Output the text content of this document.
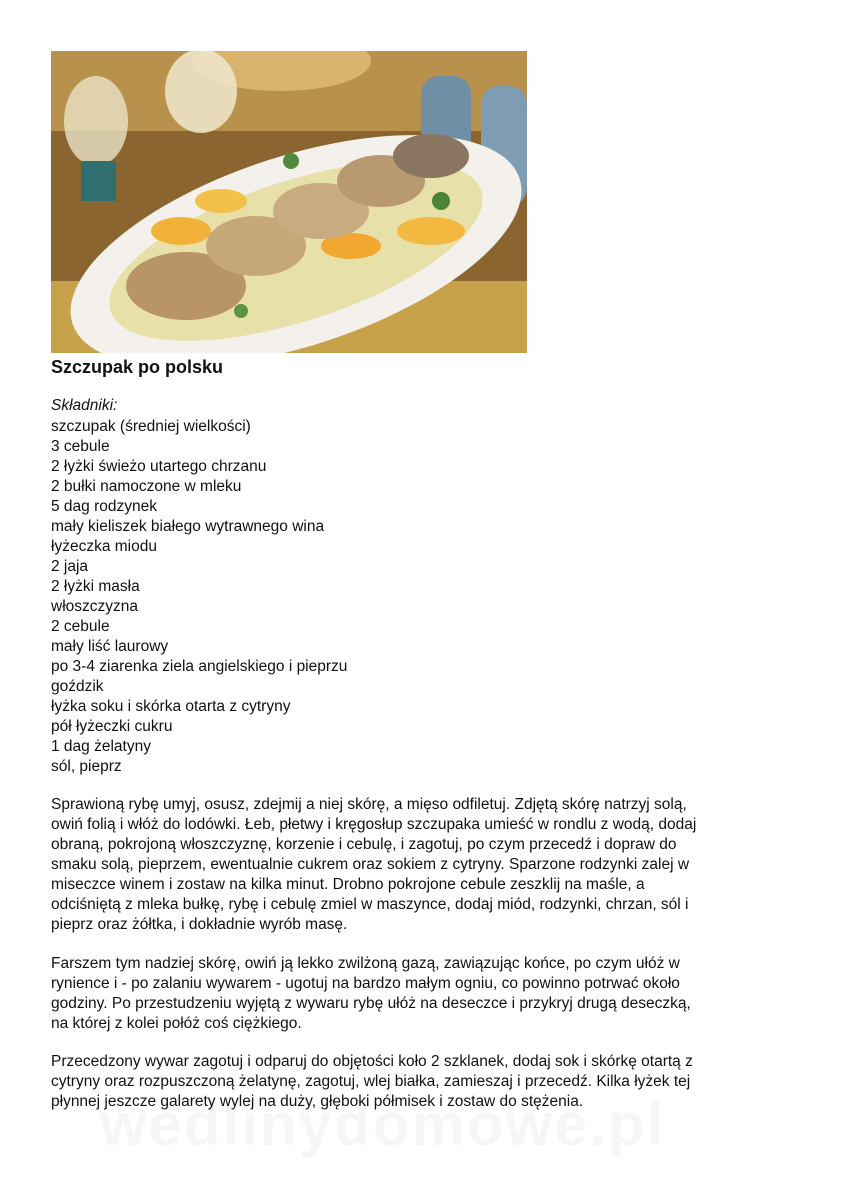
Szczupak po polsku
Składniki:
szczupak (średniej wielkości)
3 cebule
2 łyżki świeżo utartego chrzanu
2 bułki namoczone w mleku
5 dag rodzynek
mały kieliszek białego wytrawnego wina
łyżeczka miodu
2 jaja
2 łyżki masła
włoszczyzna
2 cebule
mały liść laurowy
po 3-4 ziarenka ziela angielskiego i pieprzu
goździk
łyżka soku i skórka otarta z cytryny
pół łyżeczki cukru
1 dag żelatyny
sól, pieprz

Sprawioną rybę umyj, osusz, zdejmij a niej skórę, a mięso odfiletuj. Zdjętą skórę natrzyj solą,
owiń folią i włóż do lodówki. Łeb, płetwy i kręgosłup szczupaka umieść w rondlu z wodą, dodaj
obraną, pokrojoną włoszczyznę, korzenie i cebulę, i zagotuj, po czym przecedź i dopraw do
smaku solą, pieprzem, ewentualnie cukrem oraz sokiem z cytryny. Sparzone rodzynki zalej w
miseczce winem i zostaw na kilka minut. Drobno pokrojone cebule zeszklij na maśle, a
odciśniętą z mleka bułkę, rybę i cebulę zmiel w maszynce, dodaj miód, rodzynki, chrzan, sól i
pieprz oraz żółtka, i dokładnie wyrób masę.

Farszem tym nadziej skórę, owiń ją lekko zwilżoną gazą, zawiązując końce, po czym ułóż w
rynience i - po zalaniu wywarem - ugotuj na bardzo małym ogniu, co powinno potrwać około
godziny. Po przestudzeniu wyjętą z wywaru rybę ułóż na deseczce i przykryj drugą deseczką,
na której z kolei połóż coś ciężkiego.

Przecedzony wywar zagotuj i odparuj do objętości koło 2 szklanek, dodaj sok i skórkę otartą z
cytryny oraz rozpuszczoną żelatynę, zagotuj, wlej białka, zamieszaj i przecedź. Kilka łyżek tej
płynnej jeszcze galarety wylej na duży, głęboki półmisek i zostaw do stężenia.
